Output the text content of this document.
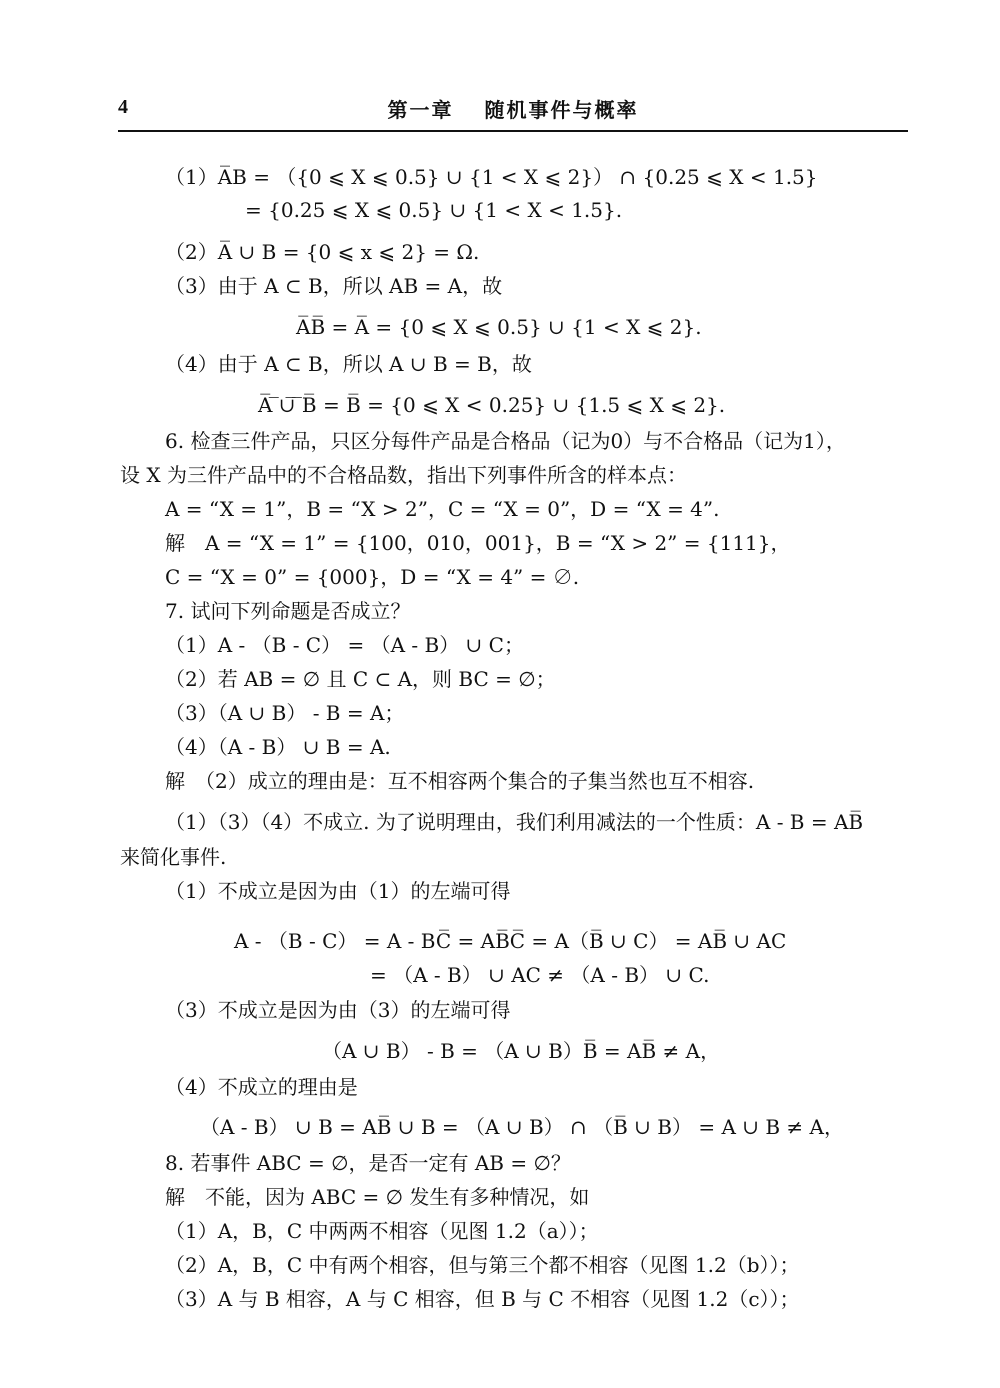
4	第一章　 随机事件与概率
（1）A̅B = （{0 ⩽ X ⩽ 0.5} ∪ {1 < X ⩽ 2}） ∩ {0.25 ⩽ X < 1.5}
= {0.25 ⩽ X ⩽ 0.5} ∪ {1 < X < 1.5}.
（2）A̅ ∪ B = {0 ⩽ x ⩽ 2} = Ω.
（3）由于 A ⊂ B，所以 AB = A，故
A̅B̅ = A̅ = {0 ⩽ X ⩽ 0.5} ∪ {1 < X ⩽ 2}.
（4）由于 A ⊂ B，所以 A ∪ B = B，故
A̅ ̅∪̅ ̅B̅ = B̅ = {0 ⩽ X < 0.25} ∪ {1.5 ⩽ X ⩽ 2}.
6. 检查三件产品，只区分每件产品是合格品（记为0）与不合格品（记为1），
设 X 为三件产品中的不合格品数，指出下列事件所含的样本点：
A = “X = 1”，B = “X > 2”，C = “X = 0”，D = “X = 4”.
解　A = “X = 1” = {100，010，001}，B = “X > 2” = {111}，
C = “X = 0” = {000}，D = “X = 4” = ∅.
7. 试问下列命题是否成立？
（1）A - （B - C） = （A - B） ∪ C；
（2）若 AB = ∅ 且 C ⊂ A，则 BC = ∅；
（3）（A ∪ B） - B = A；
（4）（A - B） ∪ B = A.
解　（2）成立的理由是：互不相容两个集合的子集当然也互不相容.
（1）（3）（4）不成立. 为了说明理由，我们利用减法的一个性质：A - B = AB̅
来简化事件.
（1）不成立是因为由（1）的左端可得
A - （B - C） = A - BC̅ = AB̅C̅ = A（B̅ ∪ C） = AB̅ ∪ AC
= （A - B） ∪ AC ≠ （A - B） ∪ C.
（3）不成立是因为由（3）的左端可得
（A ∪ B） - B = （A ∪ B）B̅ = AB̅ ≠ A，
（4）不成立的理由是
（A - B） ∪ B = AB̅ ∪ B = （A ∪ B） ∩ （B̅ ∪ B） = A ∪ B ≠ A，
8. 若事件 ABC = ∅，是否一定有 AB = ∅？
解　不能，因为 ABC = ∅ 发生有多种情况，如
（1）A，B，C 中两两不相容（见图 1.2（a））；
（2）A，B，C 中有两个相容，但与第三个都不相容（见图 1.2（b））；
（3）A 与 B 相容，A 与 C 相容，但 B 与 C 不相容（见图 1.2（c））；
